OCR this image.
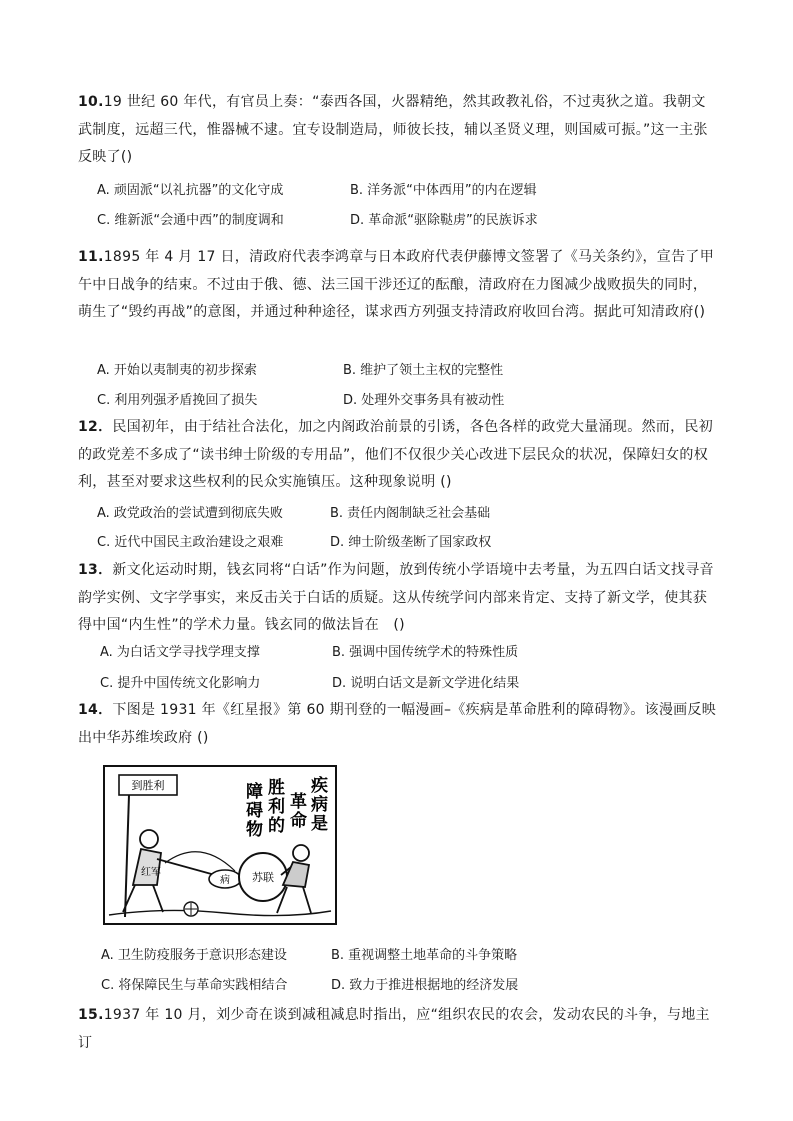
10.19 世纪 60 年代，有官员上奏：“泰西各国，火器精绝，然其政教礼俗，不过夷狄之道。我朝文武制度，远超三代，惟器械不逮。宜专设制造局，师彼长技，辅以圣贤义理，则国威可振。”这一主张反映了()
A. 顽固派“以礼抗器”的文化守成	B. 洋务派“中体西用”的内在逻辑
C. 维新派“会通中西”的制度调和	D. 革命派“驱除鞑虏”的民族诉求
11.1895 年 4 月 17 日，清政府代表李鸿章与日本政府代表伊藤博文签署了《马关条约》，宣告了甲午中日战争的结束。不过由于俄、德、法三国干涉还辽的酝酿，清政府在力图减少战败损失的同时，萌生了“毁约再战”的意图，并通过种种途径，谋求西方列强支持清政府收回台湾。据此可知清政府()
A. 开始以夷制夷的初步探索	B. 维护了领土主权的完整性
C. 利用列强矛盾挽回了损失	D. 处理外交事务具有被动性
12．民国初年，由于结社合法化，加之内阁政治前景的引诱，各色各样的政党大量涌现。然而，民初的政党差不多成了“读书绅士阶级的专用品”，他们不仅很少关心改进下层民众的状况，保障妇女的权利，甚至对要求这些权利的民众实施镇压。这种现象说明 ()
A. 政党政治的尝试遭到彻底失败	B. 责任内阁制缺乏社会基础
C. 近代中国民主政治建设之艰难	D. 绅士阶级垄断了国家政权
13．新文化运动时期，钱玄同将“白话”作为问题，放到传统小学语境中去考量，为五四白话文找寻音韵学实例、文字学事实，来反击关于白话的质疑。这从传统学问内部来肯定、支持了新文学，使其获得中国“内生性”的学术力量。钱玄同的做法旨在　()
A. 为白话文学寻找学理支撑	B. 强调中国传统学术的特殊性质
C. 提升中国传统文化影响力	D. 说明白话文是新文学进化结果
14．下图是 1931 年《红星报》第 60 期刊登的一幅漫画–《疾病是革命胜利的障碍物》。该漫画反映出中华苏维埃政府 ()
到胜利	疾病是
革命
胜利的
障碍物
红军
病 苏联
A. 卫生防疫服务于意识形态建设	B. 重视调整土地革命的斗争策略
C. 将保障民生与革命实践相结合	D. 致力于推进根据地的经济发展
15.1937 年 10 月，刘少奇在谈到减租减息时指出，应“组织农民的农会，发动农民的斗争，与地主订
